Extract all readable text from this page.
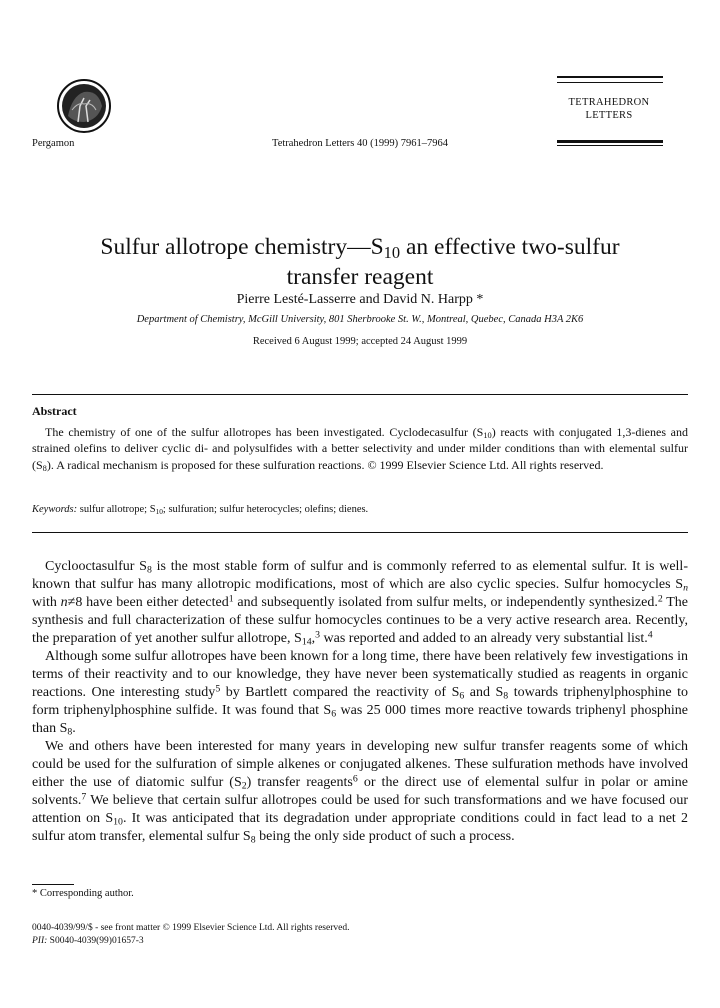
Pergamon	Tetrahedron Letters 40 (1999) 7961–7964
TETRAHEDRON
LETTERS
Sulfur allotrope $chemistry—S_{10}$ an effective two-sulfur
transfer reagent
Pierre Lesté-Lasserre and David N. Harpp *
Department of Chemistry, McGill University, 801 Sherbrooke St. W., Montreal, Quebec, Canada H3A 2K6
Received 6 August 1999; accepted 24 August 1999
Abstract

The chemistry of one of the sulfur allotropes has been investigated. Cyclodecasulfur $(S_{10})$ reacts with conjugated 1,3-dienes and strained olefins to deliver cyclic di- and polysulfides with a better selectivity and under milder conditions than with elemental sulfur $(S_8)$. A radical mechanism is proposed for these sulfuration reactions. © 1999 Elsevier Science Ltd. All rights reserved.

Keywords: sulfur allotrope; $S_{10}$; sulfuration; sulfur heterocycles; olefins; dienes.

Cyclooctasulfur $S_8$ is the most stable form of sulfur and is commonly referred to as elemental sulfur. It is well-known that sulfur has many allotropic modifications, most of which are also cyclic species. Sulfur homocycles $S_n$ with n≠8 have been either detected$^1$ and subsequently isolated from sulfur melts, or independently synthesized.$^2$ The synthesis and full characterization of these sulfur homocycles continues to be a very active research area. Recently, the preparation of yet another sulfur allotrope, $S_{14},^3$ was reported and added to an already very substantial list.$^4$

Although some sulfur allotropes have been known for a long time, there have been relatively few investigations in terms of their reactivity and to our knowledge, they have never been systematically studied as reagents in organic reactions. One interesting study$^5$ by Bartlett compared the reactivity of $S_6$ and $S_8$ towards triphenylphosphine to form triphenylphosphine sulfide. It was found that $S_6$ was 25 000 times more reactive towards triphenyl phosphine than $S_8$.

We and others have been interested for many years in developing new sulfur transfer reagents some of which could be used for the sulfuration of simple alkenes or conjugated alkenes. These sulfuration methods have involved either the use of diatomic sulfur $(S_2)$ transfer reagents$^6$ or the direct use of elemental sulfur in polar or amine solvents.$^7$ We believe that certain sulfur allotropes could be used for such transformations and we have focused our attention on $S_{10}$. It was anticipated that its degradation under appropriate conditions could in fact lead to a net 2 sulfur atom transfer, elemental sulfur $S_8$ being the only side product of such a process.

* Corresponding author.
0040-4039/99/$ - see front matter © 1999 Elsevier Science Ltd. All rights reserved.
PII: S0040-4039(99)01657-3
